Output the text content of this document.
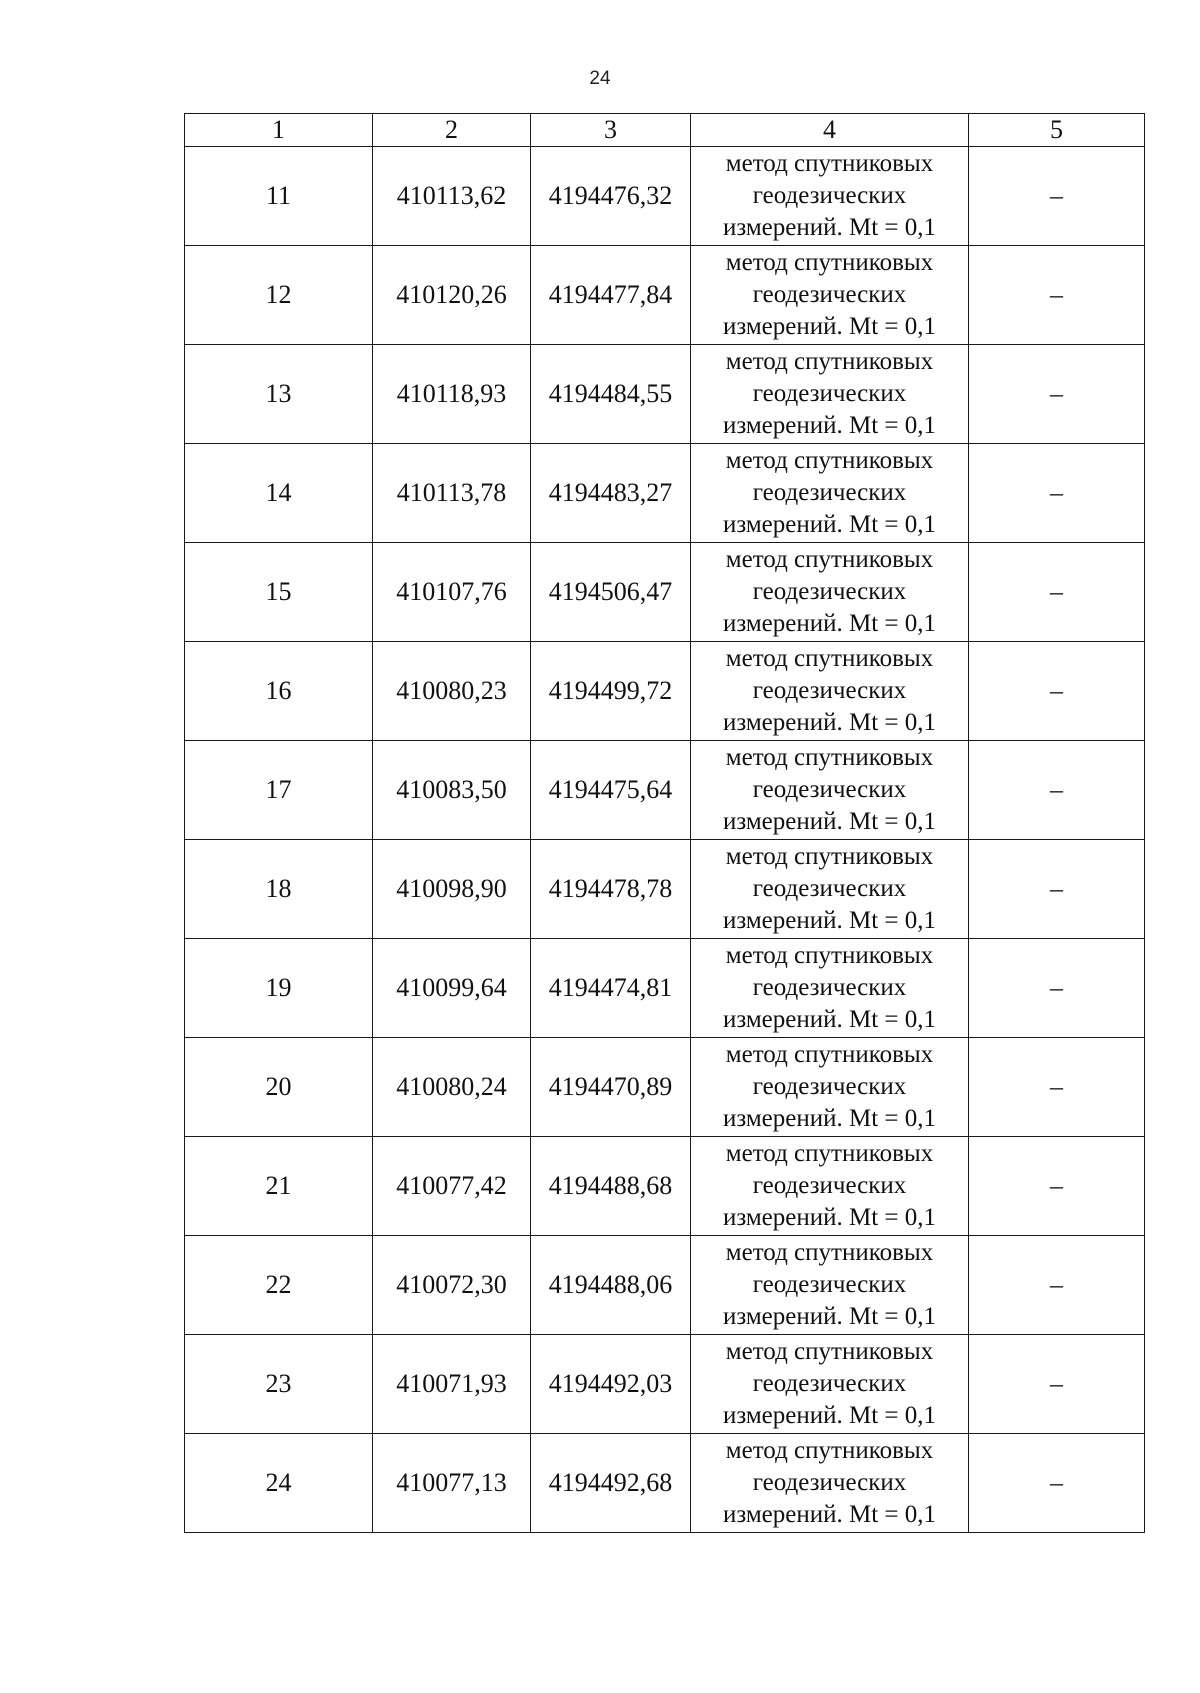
24
1	2	3	4	5
11	410113,62	4194476,32	метод спутниковых
геодезических
измерений. Mt = 0,1	–
12	410120,26	4194477,84	метод спутниковых
геодезических
измерений. Mt = 0,1	–
13	410118,93	4194484,55	метод спутниковых
геодезических
измерений. Mt = 0,1	–
14	410113,78	4194483,27	метод спутниковых
геодезических
измерений. Mt = 0,1	–
15	410107,76	4194506,47	метод спутниковых
геодезических
измерений. Mt = 0,1	–
16	410080,23	4194499,72	метод спутниковых
геодезических
измерений. Mt = 0,1	–
17	410083,50	4194475,64	метод спутниковых
геодезических
измерений. Mt = 0,1	–
18	410098,90	4194478,78	метод спутниковых
геодезических
измерений. Mt = 0,1	–
19	410099,64	4194474,81	метод спутниковых
геодезических
измерений. Mt = 0,1	–
20	410080,24	4194470,89	метод спутниковых
геодезических
измерений. Mt = 0,1	–
21	410077,42	4194488,68	метод спутниковых
геодезических
измерений. Mt = 0,1	–
22	410072,30	4194488,06	метод спутниковых
геодезических
измерений. Mt = 0,1	–
23	410071,93	4194492,03	метод спутниковых
геодезических
измерений. Mt = 0,1	–
24	410077,13	4194492,68	метод спутниковых
геодезических
измерений. Mt = 0,1	–
